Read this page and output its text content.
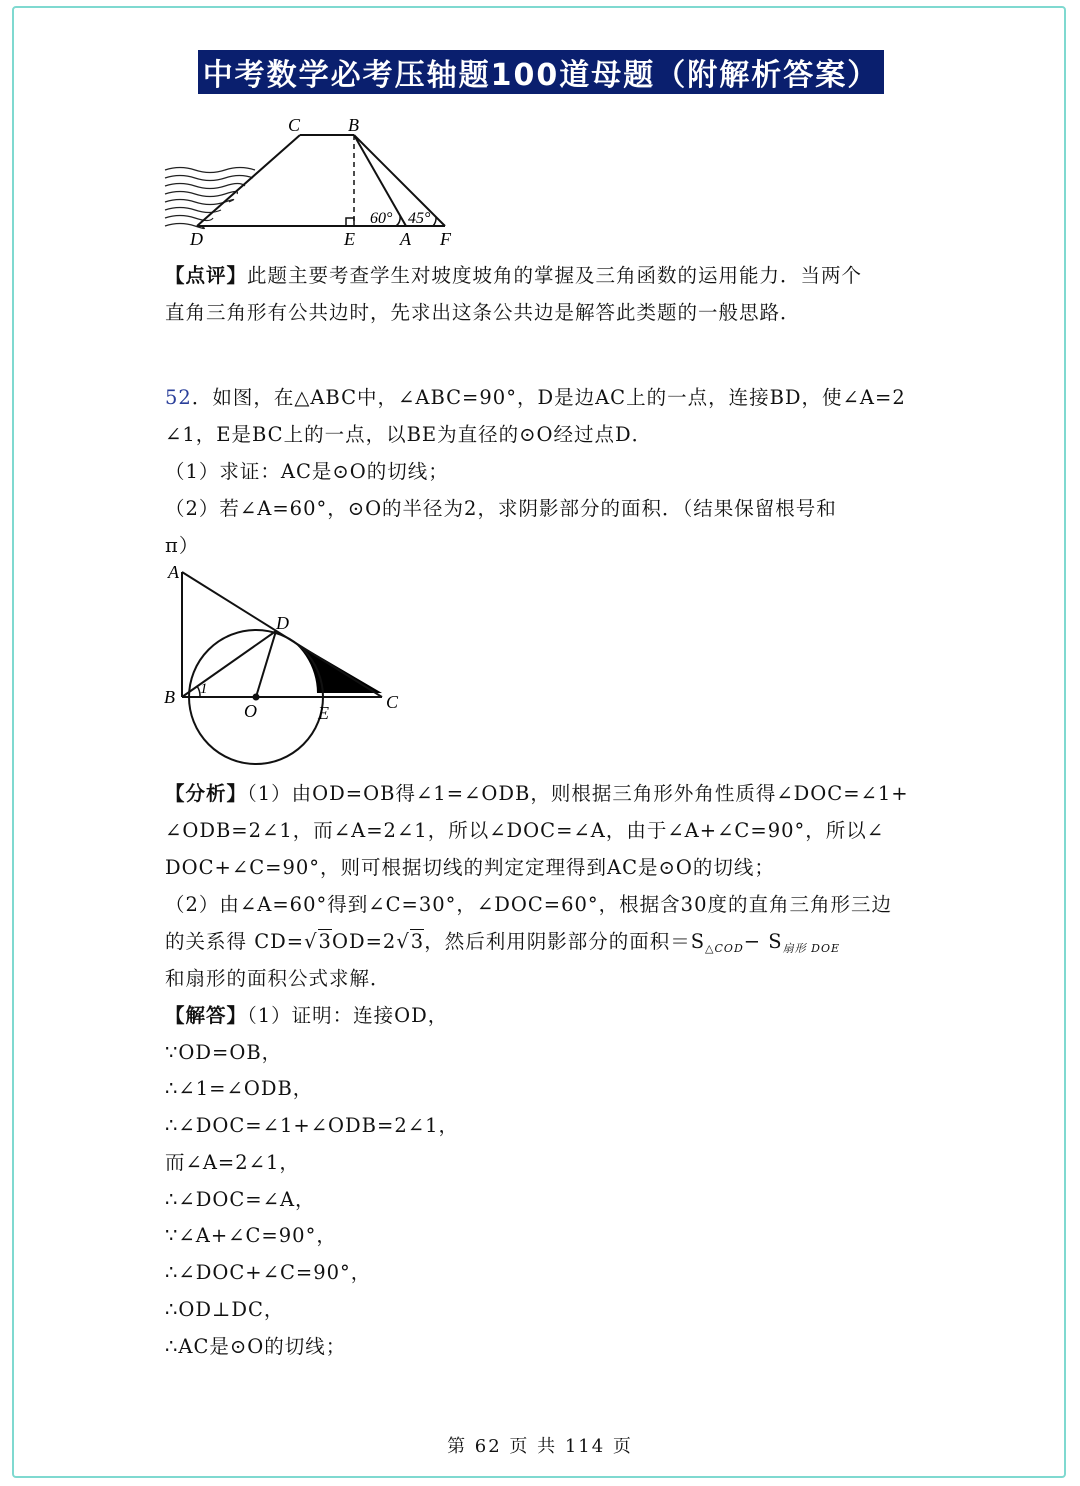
中考数学必考压轴题100道母题（附解析答案）
C	B
D	E	A F
60° 45°
【点评】此题主要考查学生对坡度坡角的掌握及三角函数的运用能力．当两个
直角三角形有公共边时，先求出这条公共边是解答此类题的一般思路．
52．如图，在△ABC中，∠ABC=90°，D是边AC上的一点，连接BD，使∠A=2
∠1，E是BC上的一点，以BE为直径的⊙O经过点D．
（1）求证：AC是⊙O的切线；
（2）若∠A=60°，⊙O的半径为2，求阴影部分的面积．（结果保留根号和
π）
A
D
B
O	E
C
1
【分析】（1）由OD=OB得∠1=∠ODB，则根据三角形外角性质得∠DOC=∠1+
∠ODB=2∠1，而∠A=2∠1，所以∠DOC=∠A，由于∠A+∠C=90°，所以∠
DOC+∠C=90°，则可根据切线的判定定理得到AC是⊙O的切线；
（2）由∠A=60°得到∠C=30°，∠DOC=60°，根据含30度的直角三角形三边
的关系得 CD=√3OD=2√3，然后利用阴影部分的面积$=S_{\triangle COD}- S_{扇形 DOE}$
和扇形的面积公式求解．
【解答】（1）证明：连接OD，
∵OD=OB，
∴∠1=∠ODB，
∴∠DOC=∠1+∠ODB=2∠1，
而∠A=2∠1，
∴∠DOC=∠A，
∵∠A+∠C=90°，
∴∠DOC+∠C=90°，
∴OD⊥DC，
∴AC是⊙O的切线；
第 62 页 共 114 页
